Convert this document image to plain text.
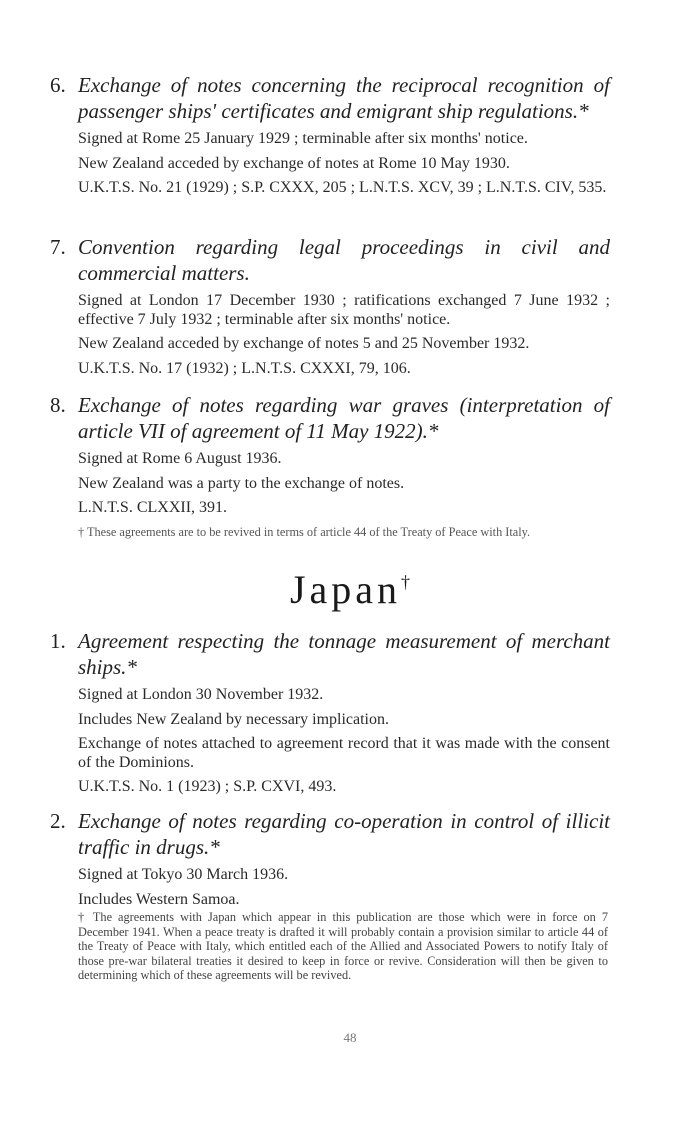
6. Exchange of notes concerning the reciprocal recognition of passenger ships' certificates and emigrant ship regulations.*
Signed at Rome 25 January 1929 ; terminable after six months' notice.
New Zealand acceded by exchange of notes at Rome 10 May 1930.
U.K.T.S. No. 21 (1929) ; S.P. CXXX, 205 ; L.N.T.S. XCV, 39 ; L.N.T.S. CIV, 535.
7. Convention regarding legal proceedings in civil and commercial matters.
Signed at London 17 December 1930 ; ratifications exchanged 7 June 1932 ; effective 7 July 1932 ; terminable after six months' notice.
New Zealand acceded by exchange of notes 5 and 25 November 1932.
U.K.T.S. No. 17 (1932) ; L.N.T.S. CXXXI, 79, 106.
8. Exchange of notes regarding war graves (interpretation of article VII of agreement of 11 May 1922).*
Signed at Rome 6 August 1936.
New Zealand was a party to the exchange of notes.
L.N.T.S. CLXXII, 391.
† These agreements are to be revived in terms of article 44 of the Treaty of Peace with Italy.
Japan†
1. Agreement respecting the tonnage measurement of merchant ships.*
Signed at London 30 November 1932.
Includes New Zealand by necessary implication.
Exchange of notes attached to agreement record that it was made with the consent of the Dominions.
U.K.T.S. No. 1 (1923) ; S.P. CXVI, 493.
2. Exchange of notes regarding co-operation in control of illicit traffic in drugs.*
Signed at Tokyo 30 March 1936.
Includes Western Samoa.
† The agreements with Japan which appear in this publication are those which were in force on 7 December 1941. When a peace treaty is drafted it will probably contain a provision similar to article 44 of the Treaty of Peace with Italy, which entitled each of the Allied and Associated Powers to notify Italy of those pre-war bilateral treaties it desired to keep in force or revive. Consideration will then be given to determining which of these agreements will be revived.
48
